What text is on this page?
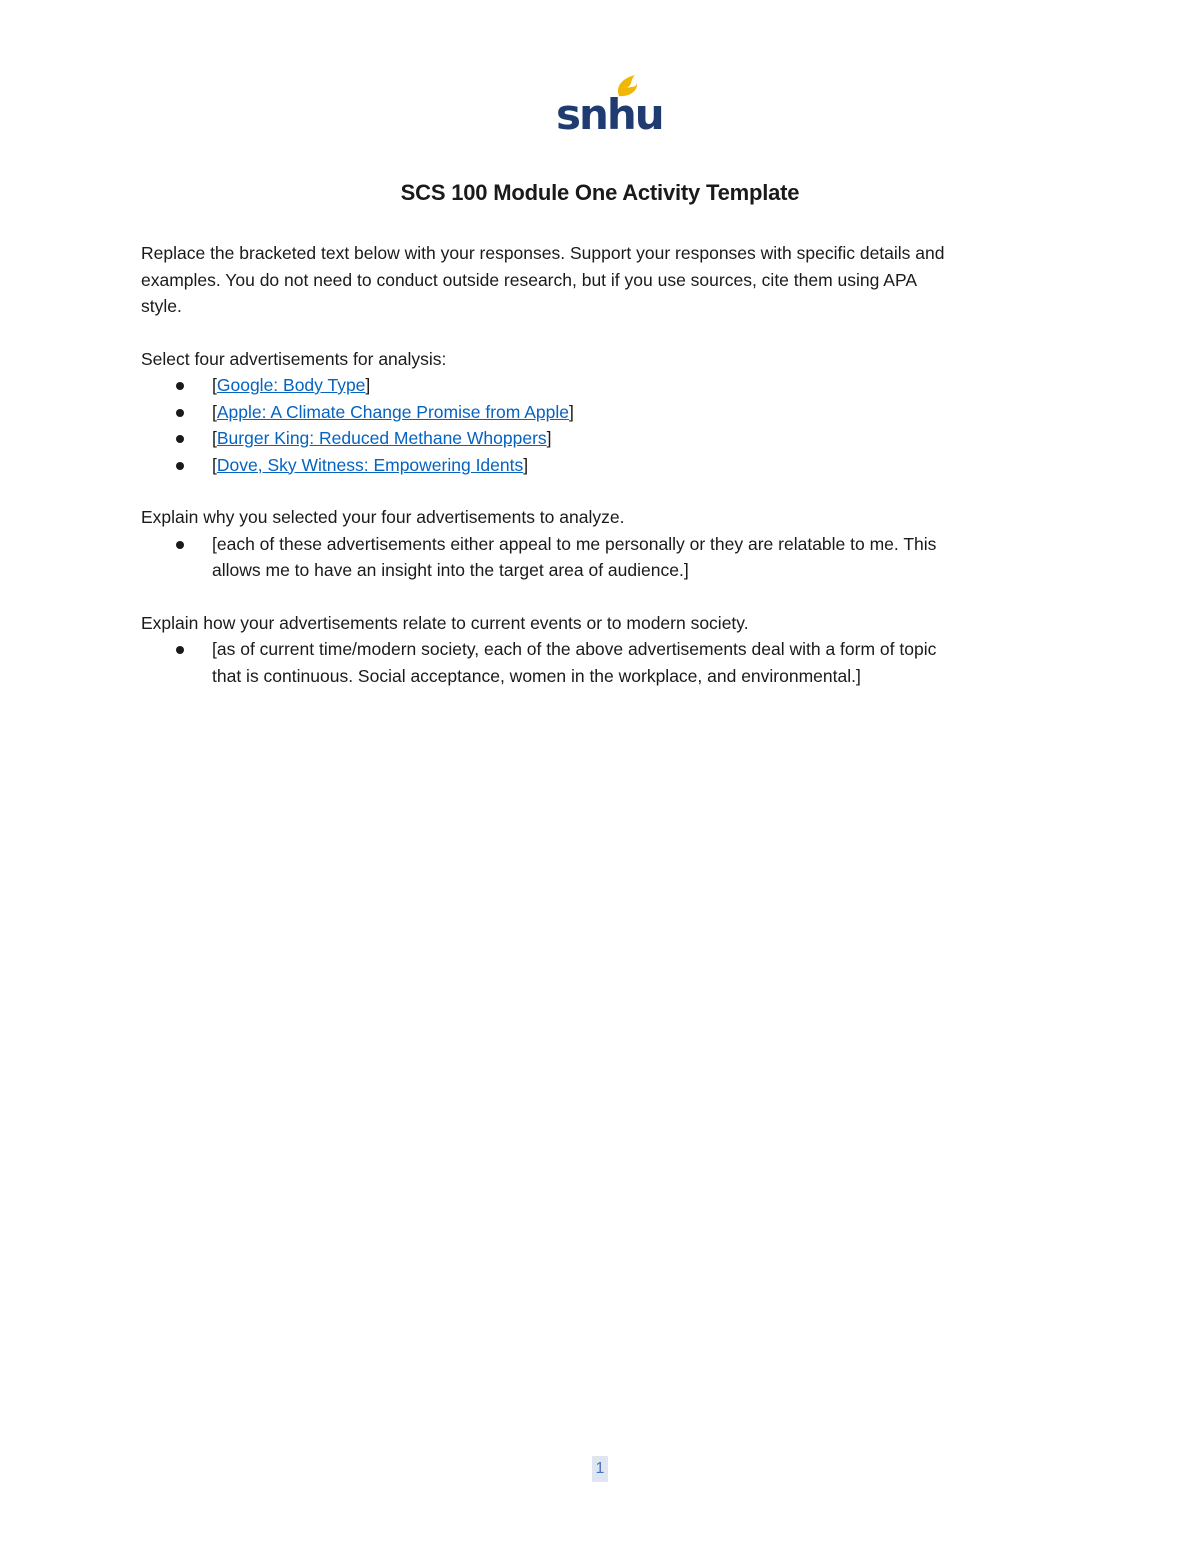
snhu
SCS 100 Module One Activity Template

Replace the bracketed text below with your responses. Support your responses with specific details and
examples. You do not need to conduct outside research, but if you use sources, cite them using APA
style.

Select four advertisements for analysis:

[Google: Body Type]
[Apple: A Climate Change Promise from Apple]
[Burger King: Reduced Methane Whoppers]
[Dove, Sky Witness: Empowering Idents]

Explain why you selected your four advertisements to analyze.

[each of these advertisements either appeal to me personally or they are relatable to me. This
allows me to have an insight into the target area of audience.]

Explain how your advertisements relate to current events or to modern society.

[as of current time/modern society, each of the above advertisements deal with a form of topic
that is continuous. Social acceptance, women in the workplace, and environmental.]
1
